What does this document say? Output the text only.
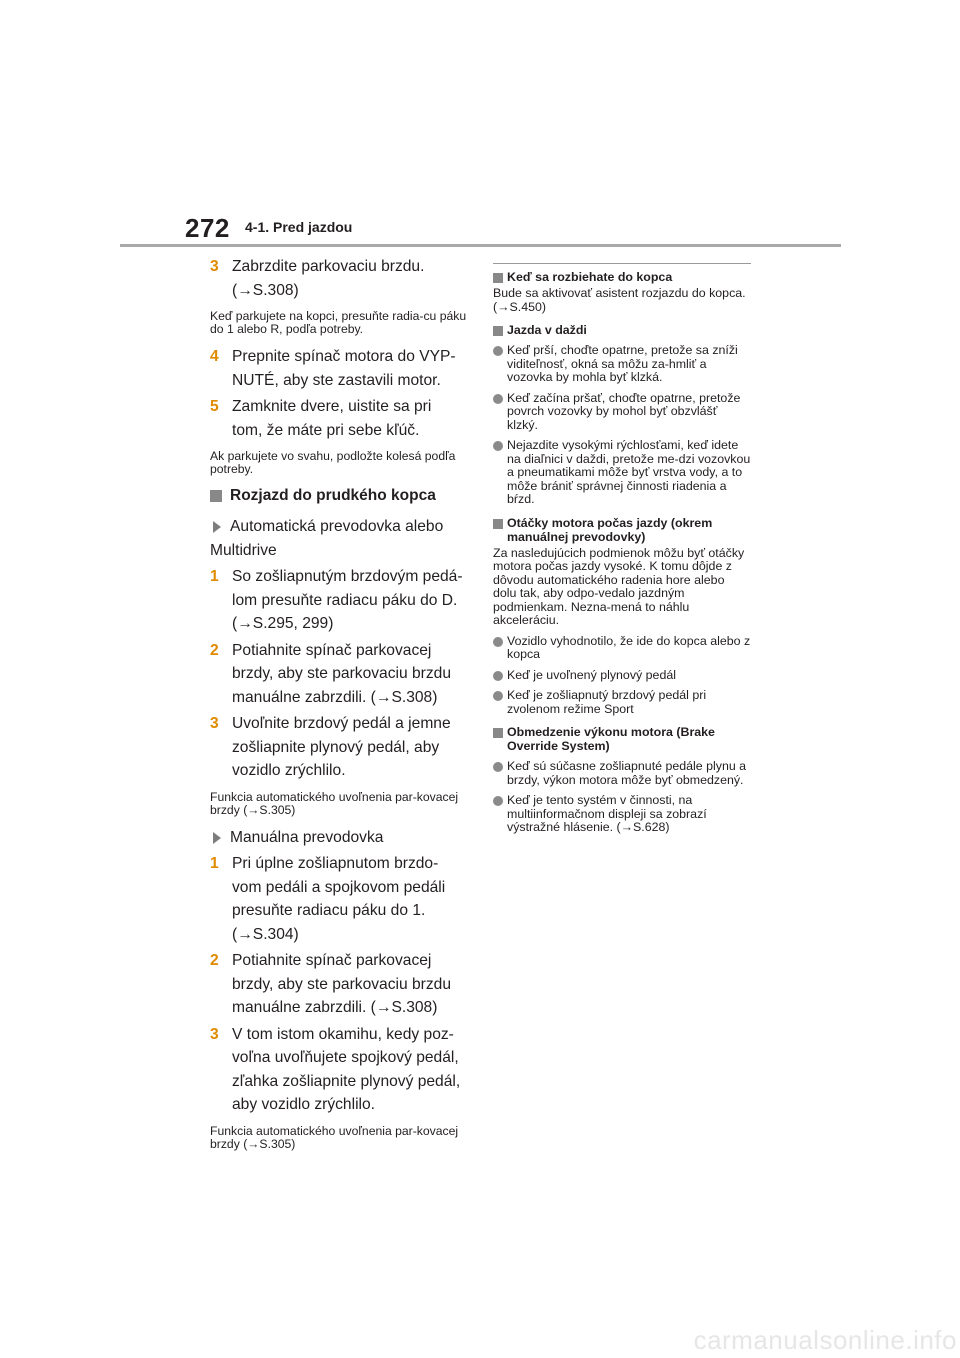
272 4-1. Pred jazdou
3 Zabrzdite parkovaciu brzdu.
(→S.308)
Keď parkujete na kopci, presuňte radia-cu páku do 1 alebo R, podľa potreby.
4 Prepnite spínač motora do VYP-
NUTÉ, aby ste zastavili motor.
5 Zamknite dvere, uistite sa pri
tom, že máte pri sebe kľúč.
Ak parkujete vo svahu, podložte kolesá podľa potreby.
Rozjazd do prudkého kopca
Automatická prevodovka alebo
Multidrive
1 So zošliapnutým brzdovým pedá-
lom presuňte radiacu páku do D.
(→S.295, 299)
2 Potiahnite spínač parkovacej
brzdy, aby ste parkovaciu brzdu
manuálne zabrzdili. (→S.308)
3 Uvoľnite brzdový pedál a jemne
zošliapnite plynový pedál, aby
vozidlo zrýchlilo.
Funkcia automatického uvoľnenia par-kovacej brzdy (→S.305)
Manuálna prevodovka
1 Pri úplne zošliapnutom brzdo-
vom pedáli a spojkovom pedáli
presuňte radiacu páku do 1.
(→S.304)
2 Potiahnite spínač parkovacej
brzdy, aby ste parkovaciu brzdu
manuálne zabrzdili. (→S.308)
3 V tom istom okamihu, kedy poz-
voľna uvoľňujete spojkový pedál,
zľahka zošliapnite plynový pedál,
aby vozidlo zrýchlilo.
Funkcia automatického uvoľnenia par-kovacej brzdy (→S.305)
Keď sa rozbiehate do kopca
Bude sa aktivovať asistent rozjazdu do kopca. (→S.450)
Jazda v daždi
Keď prší, choďte opatrne, pretože sa zníži viditeľnosť, okná sa môžu za-hmliť a vozovka by mohla byť klzká.
Keď začína pršať, choďte opatrne, pretože povrch vozovky by mohol byť obzvlášť klzký.
Nejazdite vysokými rýchlosťami, keď idete na diaľnici v daždi, pretože me-dzi vozovkou a pneumatikami môže byť vrstva vody, a to môže brániť správnej činnosti riadenia a bŕzd.
Otáčky motora počas jazdy (okrem manuálnej prevodovky)
Za nasledujúcich podmienok môžu byť otáčky motora počas jazdy vysoké. K tomu dôjde z dôvodu automatického radenia hore alebo dolu tak, aby odpo-vedalo jazdným podmienkam. Nezna-mená to náhlu akceleráciu.
Vozidlo vyhodnotilo, že ide do kopca alebo z kopca
Keď je uvoľnený plynový pedál
Keď je zošliapnutý brzdový pedál pri zvolenom režime Sport
Obmedzenie výkonu motora (Brake Override System)
Keď sú súčasne zošliapnuté pedále plynu a brzdy, výkon motora môže byť obmedzený.
Keď je tento systém v činnosti, na multiinformačnom displeji sa zobrazí výstražné hlásenie. (→S.628)
carmanualsonline.info
